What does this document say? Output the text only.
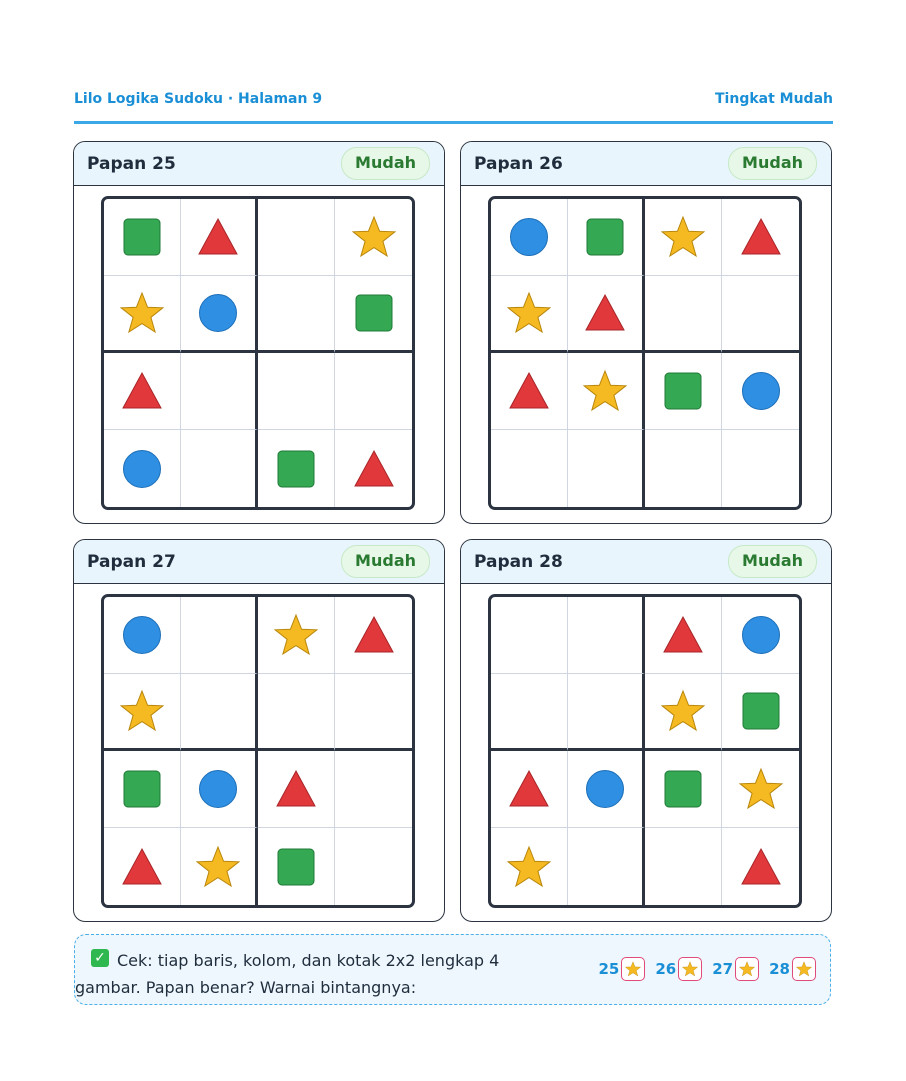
Lilo Logika Sudoku · Halaman 9	Tingkat Mudah
Papan 25	Mudah	Papan 26	Mudah
Papan 27	Mudah	Papan 28	Mudah
✓ Cek: tiap baris, kolom, dan kotak 2x2 lengkap 4
gambar. Papan benar? Warnai bintangnya:
25 26 27 28
